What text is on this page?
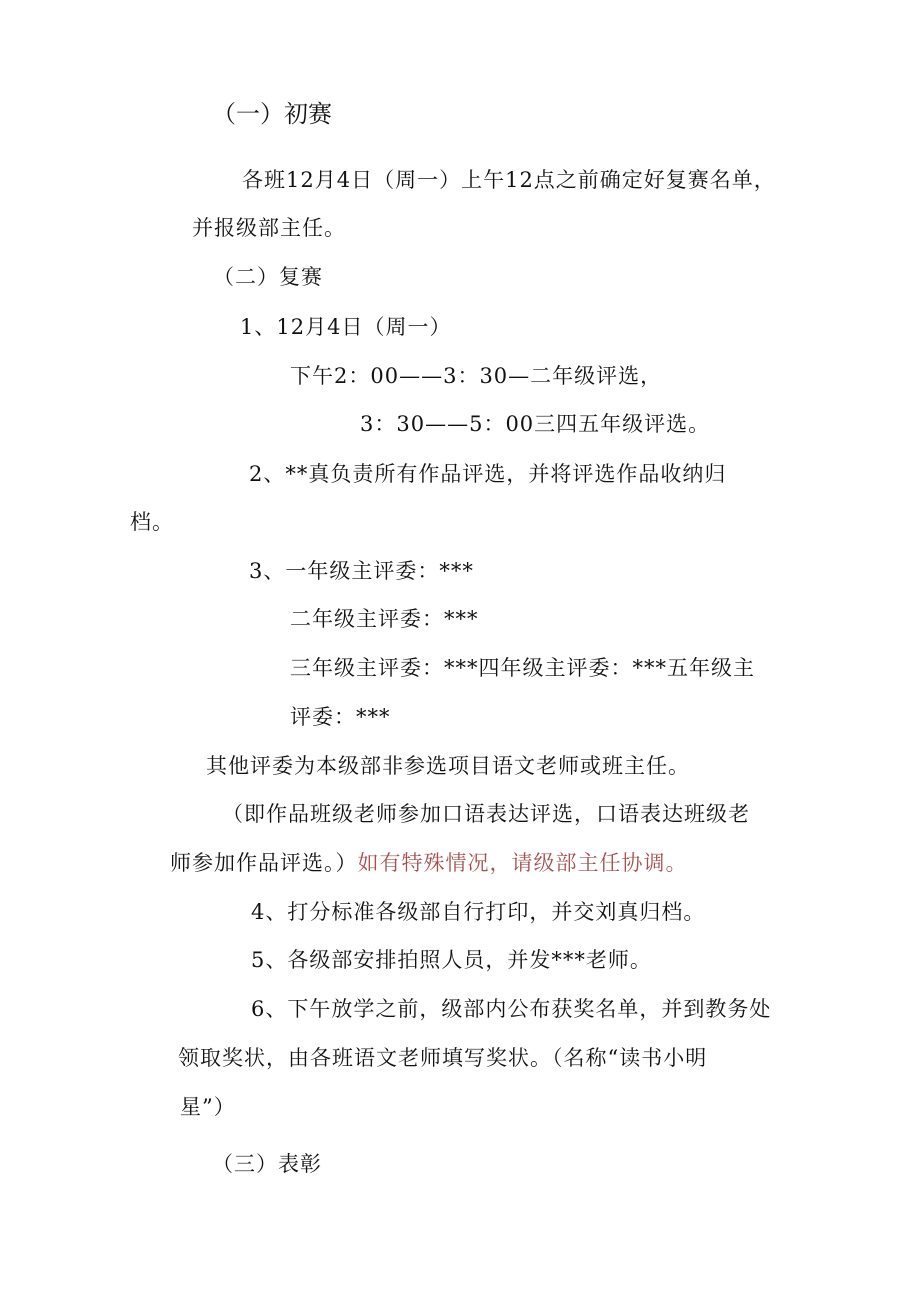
（一）初赛
各班12月4日（周一）上午12点之前确定好复赛名单，
并报级部主任。
（二）复赛
1、12月4日（周一）
下午2：00——3：30—二年级评选，
3：30——5：00三四五年级评选。
2、**真负责所有作品评选，并将评选作品收纳归
档。
3、一年级主评委：***
二年级主评委：***
三年级主评委：***四年级主评委：***五年级主
评委：***
其他评委为本级部非参选项目语文老师或班主任。
（即作品班级老师参加口语表达评选，口语表达班级老
师参加作品评选。）如有特殊情况，请级部主任协调。
4、打分标准各级部自行打印，并交刘真归档。
5、各级部安排拍照人员，并发***老师。
6、下午放学之前，级部内公布获奖名单，并到教务处
领取奖状，由各班语文老师填写奖状。（名称“读书小明
星”）
（三）表彰
